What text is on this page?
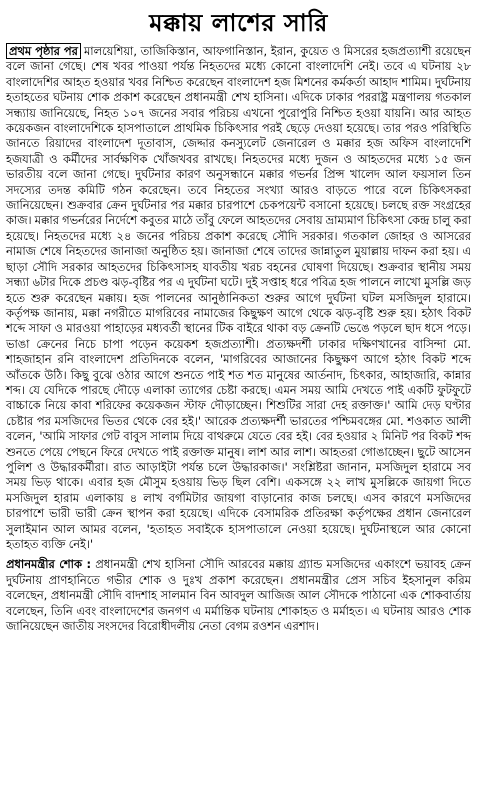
মক্কায় লাশের সারি

প্রথম পৃষ্ঠার পর মালয়েশিয়া, তাজিকিস্তান, আফগানিস্তান, ইরান, কুয়েত ও মিসরের হজপ্রত্যাশী রয়েছেন বলে জানা গেছে। শেষ খবর পাওয়া পর্যন্ত নিহতদের মধ্যে কোনো বাংলাদেশি নেই। তবে এ ঘটনায় ২৮ বাংলাদেশির আহত হওয়ার খবর নিশ্চিত করেছেন বাংলাদেশ হজ মিশনের কর্মকর্তা আহাদ শামিম। দুর্ঘটনায় হতাহতের ঘটনায় শোক প্রকাশ করেছেন প্রধানমন্ত্রী শেখ হাসিনা। এদিকে ঢাকার পররাষ্ট্র মন্ত্রণালয় গতকাল সন্ধ্যায় জানিয়েছে, নিহত ১০৭ জনের সবার পরিচয় এখনো পুরোপুরি নিশ্চিত হওয়া যায়নি। আর আহত কয়েকজন বাংলাদেশিকে হাসপাতালে প্রাথমিক চিকিৎসার পরই ছেড়ে দেওয়া হয়েছে। তার পরও পরিস্থিতি জানতে রিয়াদের বাংলাদেশ দূতাবাস, জেদ্দার কনস্যুলেট জেনারেল ও মক্কার হজ অফিস বাংলাদেশি হজযাত্রী ও কর্মীদের সার্বক্ষণিক খোঁজখবর রাখছে। নিহতদের মধ্যে দুজন ও আহতদের মধ্যে ১৫ জন ভারতীয় বলে জানা গেছে। দুর্ঘটনার কারণ অনুসন্ধানে মক্কার গভর্নর প্রিন্স খালেদ আল ফয়সাল তিন সদস্যের তদন্ত কমিটি গঠন করেছেন। তবে নিহতের সংখ্যা আরও বাড়তে পারে বলে চিকিৎসকরা জানিয়েছেন। শুক্রবার ক্রেন দুর্ঘটনার পর মক্কার চারপাশে চেকপয়েন্ট বসানো হয়েছে। চলছে রক্ত সংগ্রহের কাজ। মক্কার গভর্নরের নির্দেশে কবুতর মাঠে তাঁবু ফেলে আহতদের সেবায় ভ্রাম্যমাণ চিকিৎসা কেন্দ্র চালু করা হয়েছে। নিহতদের মধ্যে ২৪ জনের পরিচয় প্রকাশ করেছে সৌদি সরকার। গতকাল জোহর ও আসরের নামাজ শেষে নিহতদের জানাজা অনুষ্ঠিত হয়। জানাজা শেষে তাদের জান্নাতুল মুয়াল্লায় দাফন করা হয়। এ ছাড়া সৌদি সরকার আহতদের চিকিৎসাসহ যাবতীয় খরচ বহনের ঘোষণা দিয়েছে। শুক্রবার স্থানীয় সময় সন্ধ্যা ৬টার দিকে প্রচণ্ড ঝড়-বৃষ্টির পর এ দুর্ঘটনা ঘটে। দুই সপ্তাহ ধরে পবিত্র হজ পালনে লাখো মুসল্লি জড় হতে শুরু করেছেন মক্কায়। হজ পালনের আনুষ্ঠানিকতা শুরুর আগে দুর্ঘটনা ঘটল মসজিদুল হারামে। কর্তৃপক্ষ জানায়, মক্কা নগরীতে মাগরিবের নামাজের কিছুক্ষণ আগে থেকে ঝড়-বৃষ্টি শুরু হয়। হঠাৎ বিকট শব্দে সাফা ও মারওয়া পাহাড়ের মধ্যবর্তী স্থানের টিক বাইরে থাকা বড় ক্রেনটি ভেঙে পড়লে ছাদ ধসে পড়ে। ভাঙা ক্রেনের নিচে চাপা পড়েন কয়েকশ হজপ্রত্যাশী। প্রত্যক্ষদর্শী ঢাকার দক্ষিণখানের বাসিন্দা মো. শাহজাহান রনি বাংলাদেশ প্রতিদিনকে বলেন, 'মাগরিবের আজানের কিছুক্ষণ আগে হঠাৎ বিকট শব্দে আঁতকে উঠি। কিছু বুঝে ওঠার আগে শুনতে পাই শত শত মানুষের আর্তনাদ, চিৎকার, আহাজারি, কান্নার শব্দ। যে যেদিকে পারছে দৌড়ে এলাকা ত্যাগের চেষ্টা করছে। এমন সময় আমি দেখতে পাই একটি ফুটফুটে বাচ্চাকে নিয়ে কাবা শরিফের কয়েকজন স্টাফ দৌড়াচ্ছেন। শিশুটির সারা দেহ রক্তাক্ত।' আমি দেড় ঘণ্টার চেষ্টার পর মসজিদের ভিতর থেকে বের হই।' আরেক প্রত্যক্ষদর্শী ভারতের পশ্চিমবঙ্গের মো. শওকাত আলী বলেন, 'আমি সাফার গেট বাবুস সালাম দিয়ে বাথরুমে যেতে বের হই। বের হওয়ার ২ মিনিট পর বিকট শব্দ শুনতে পেয়ে পেছনে ফিরে দেখতে পাই রক্তাক্ত মানুষ। লাশ আর লাশ। আহতরা গোঙাচ্ছেন। ছুটে আসেন পুলিশ ও উদ্ধারকর্মীরা। রাত আড়াইটা পর্যন্ত চলে উদ্ধারকাজ।' সংশ্লিষ্টরা জানান, মসজিদুল হারামে সব সময় ভিড় থাকে। এবার হজ মৌসুম হওয়ায় ভিড় ছিল বেশি। একসঙ্গে ২২ লাখ মুসল্লিকে জায়গা দিতে মসজিদুল হারাম এলাকায় ৪ লাখ বর্গমিটার জায়গা বাড়ানোর কাজ চলছে। এসব কারণে মসজিদের চারপাশে ভারী ভারী ক্রেন স্থাপন করা হয়েছে। এদিকে বেসামরিক প্রতিরক্ষা কর্তৃপক্ষের প্রধান জেনারেল সুলাইমান আল আমর বলেন, 'হতাহত সবাইকে হাসপাতালে নেওয়া হয়েছে। দুর্ঘটনাস্থলে আর কোনো হতাহত ব্যক্তি নেই।'

প্রধানমন্ত্রীর শোক : প্রধানমন্ত্রী শেখ হাসিনা সৌদি আরবের মক্কায় গ্র্যান্ড মসজিদের একাংশে ভয়াবহ ক্রেন দুর্ঘটনায় প্রাণহানিতে গভীর শোক ও দুঃখ প্রকাশ করেছেন। প্রধানমন্ত্রীর প্রেস সচিব ইহসানুল করিম বলেছেন, প্রধানমন্ত্রী সৌদি বাদশাহ সালমান বিন আবদুল আজিজ আল সৌদকে পাঠানো এক শোকবার্তায় বলেছেন, তিনি এবং বাংলাদেশের জনগণ এ মর্মান্তিক ঘটনায় শোকাহত ও মর্মাহত। এ ঘটনায় আরও শোক জানিয়েছেন জাতীয় সংসদের বিরোধীদলীয় নেতা বেগম রওশন এরশাদ।
